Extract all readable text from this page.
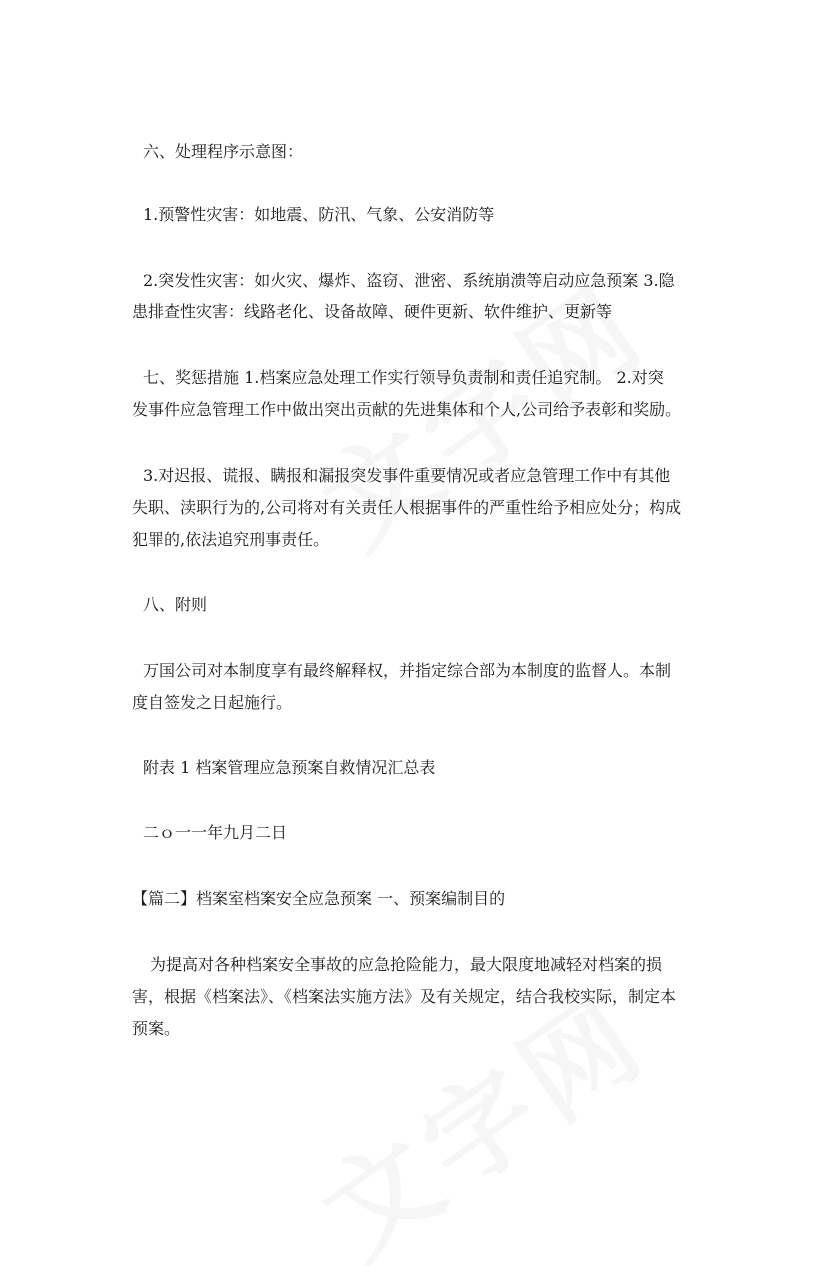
六、处理程序示意图：
1.预警性灾害：如地震、防汛、气象、公安消防等
2.突发性灾害：如火灾、爆炸、盗窃、泄密、系统崩溃等启动应急预案 3.隐
患排查性灾害：线路老化、设备故障、硬件更新、软件维护、更新等
七、奖惩措施 1.档案应急处理工作实行领导负责制和责任追究制。 2.对突
发事件应急管理工作中做出突出贡献的先进集体和个人,公司给予表彰和奖励。
3.对迟报、谎报、瞒报和漏报突发事件重要情况或者应急管理工作中有其他
失职、渎职行为的,公司将对有关责任人根据事件的严重性给予相应处分；构成
犯罪的,依法追究刑事责任。
八、附则
万国公司对本制度享有最终解释权，并指定综合部为本制度的监督人。本制
度自签发之日起施行。
附表 1 档案管理应急预案自救情况汇总表
二ｏ一一年九月二日
【篇二】档案室档案安全应急预案 一、预案编制目的
为提高对各种档案安全事故的应急抢险能力，最大限度地减轻对档案的损
害，根据《档案法》、《档案法实施方法》及有关规定，结合我校实际，制定本
预案。
